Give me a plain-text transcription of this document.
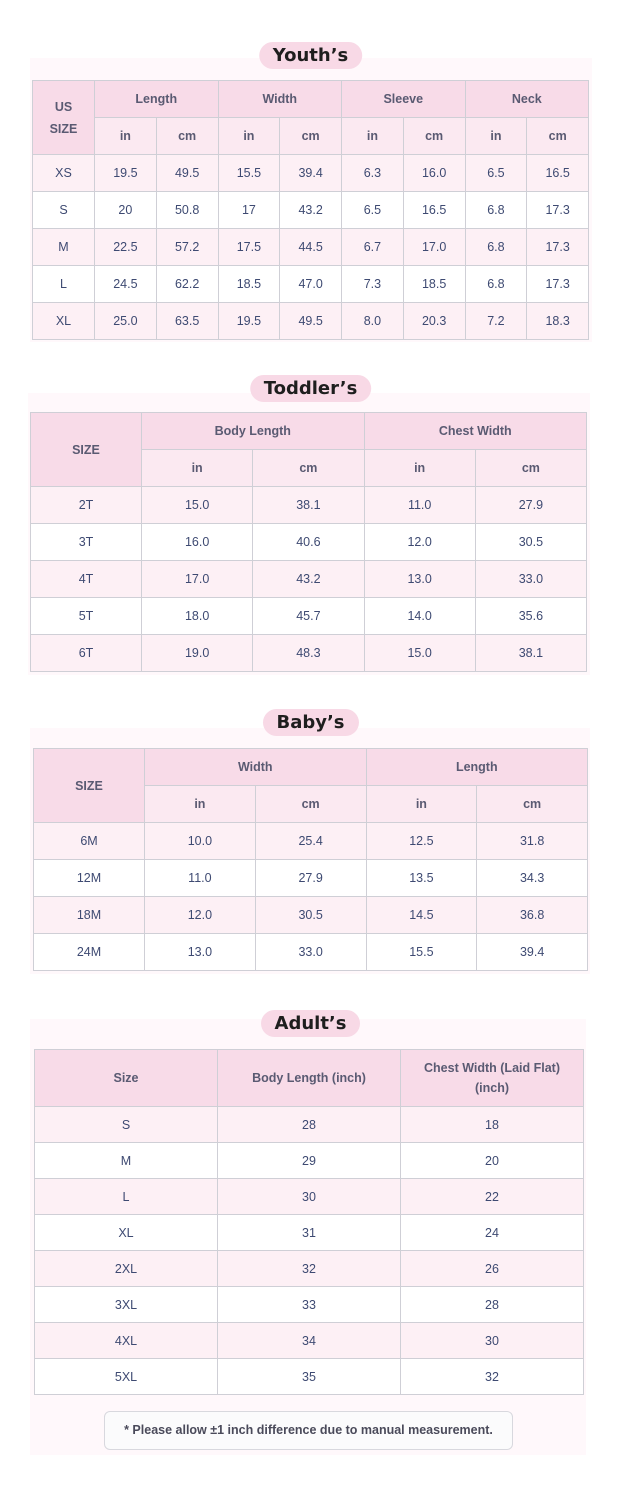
Youth’s
US SIZE	Length		Width		Sleeve		Neck	
	in	cm	in	cm	in	cm	in	cm
XS	19.5	49.5	15.5	39.4	6.3	16.0	6.5	16.5
S	20	50.8	17	43.2	6.5	16.5	6.8	17.3
M	22.5	57.2	17.5	44.5	6.7	17.0	6.8	17.3
L	24.5	62.2	18.5	47.0	7.3	18.5	6.8	17.3
XL	25.0	63.5	19.5	49.5	8.0	20.3	7.2	18.3
Toddler’s
SIZE	Body Length		Chest Width	
	in	cm	in	cm
2T	15.0	38.1	11.0	27.9
3T	16.0	40.6	12.0	30.5
4T	17.0	43.2	13.0	33.0
5T	18.0	45.7	14.0	35.6
6T	19.0	48.3	15.0	38.1
Baby’s
SIZE	Width		Length	
	in	cm	in	cm
6M	10.0	25.4	12.5	31.8
12M	11.0	27.9	13.5	34.3
18M	12.0	30.5	14.5	36.8
24M	13.0	33.0	15.5	39.4
Adult’s
Size	Body Length (inch)	Chest Width (Laid Flat) (inch)
S	28	18
M	29	20
L	30	22
XL	31	24
2XL	32	26
3XL	33	28
4XL	34	30
5XL	35	32
* Please allow ±1 inch difference due to manual measurement.
